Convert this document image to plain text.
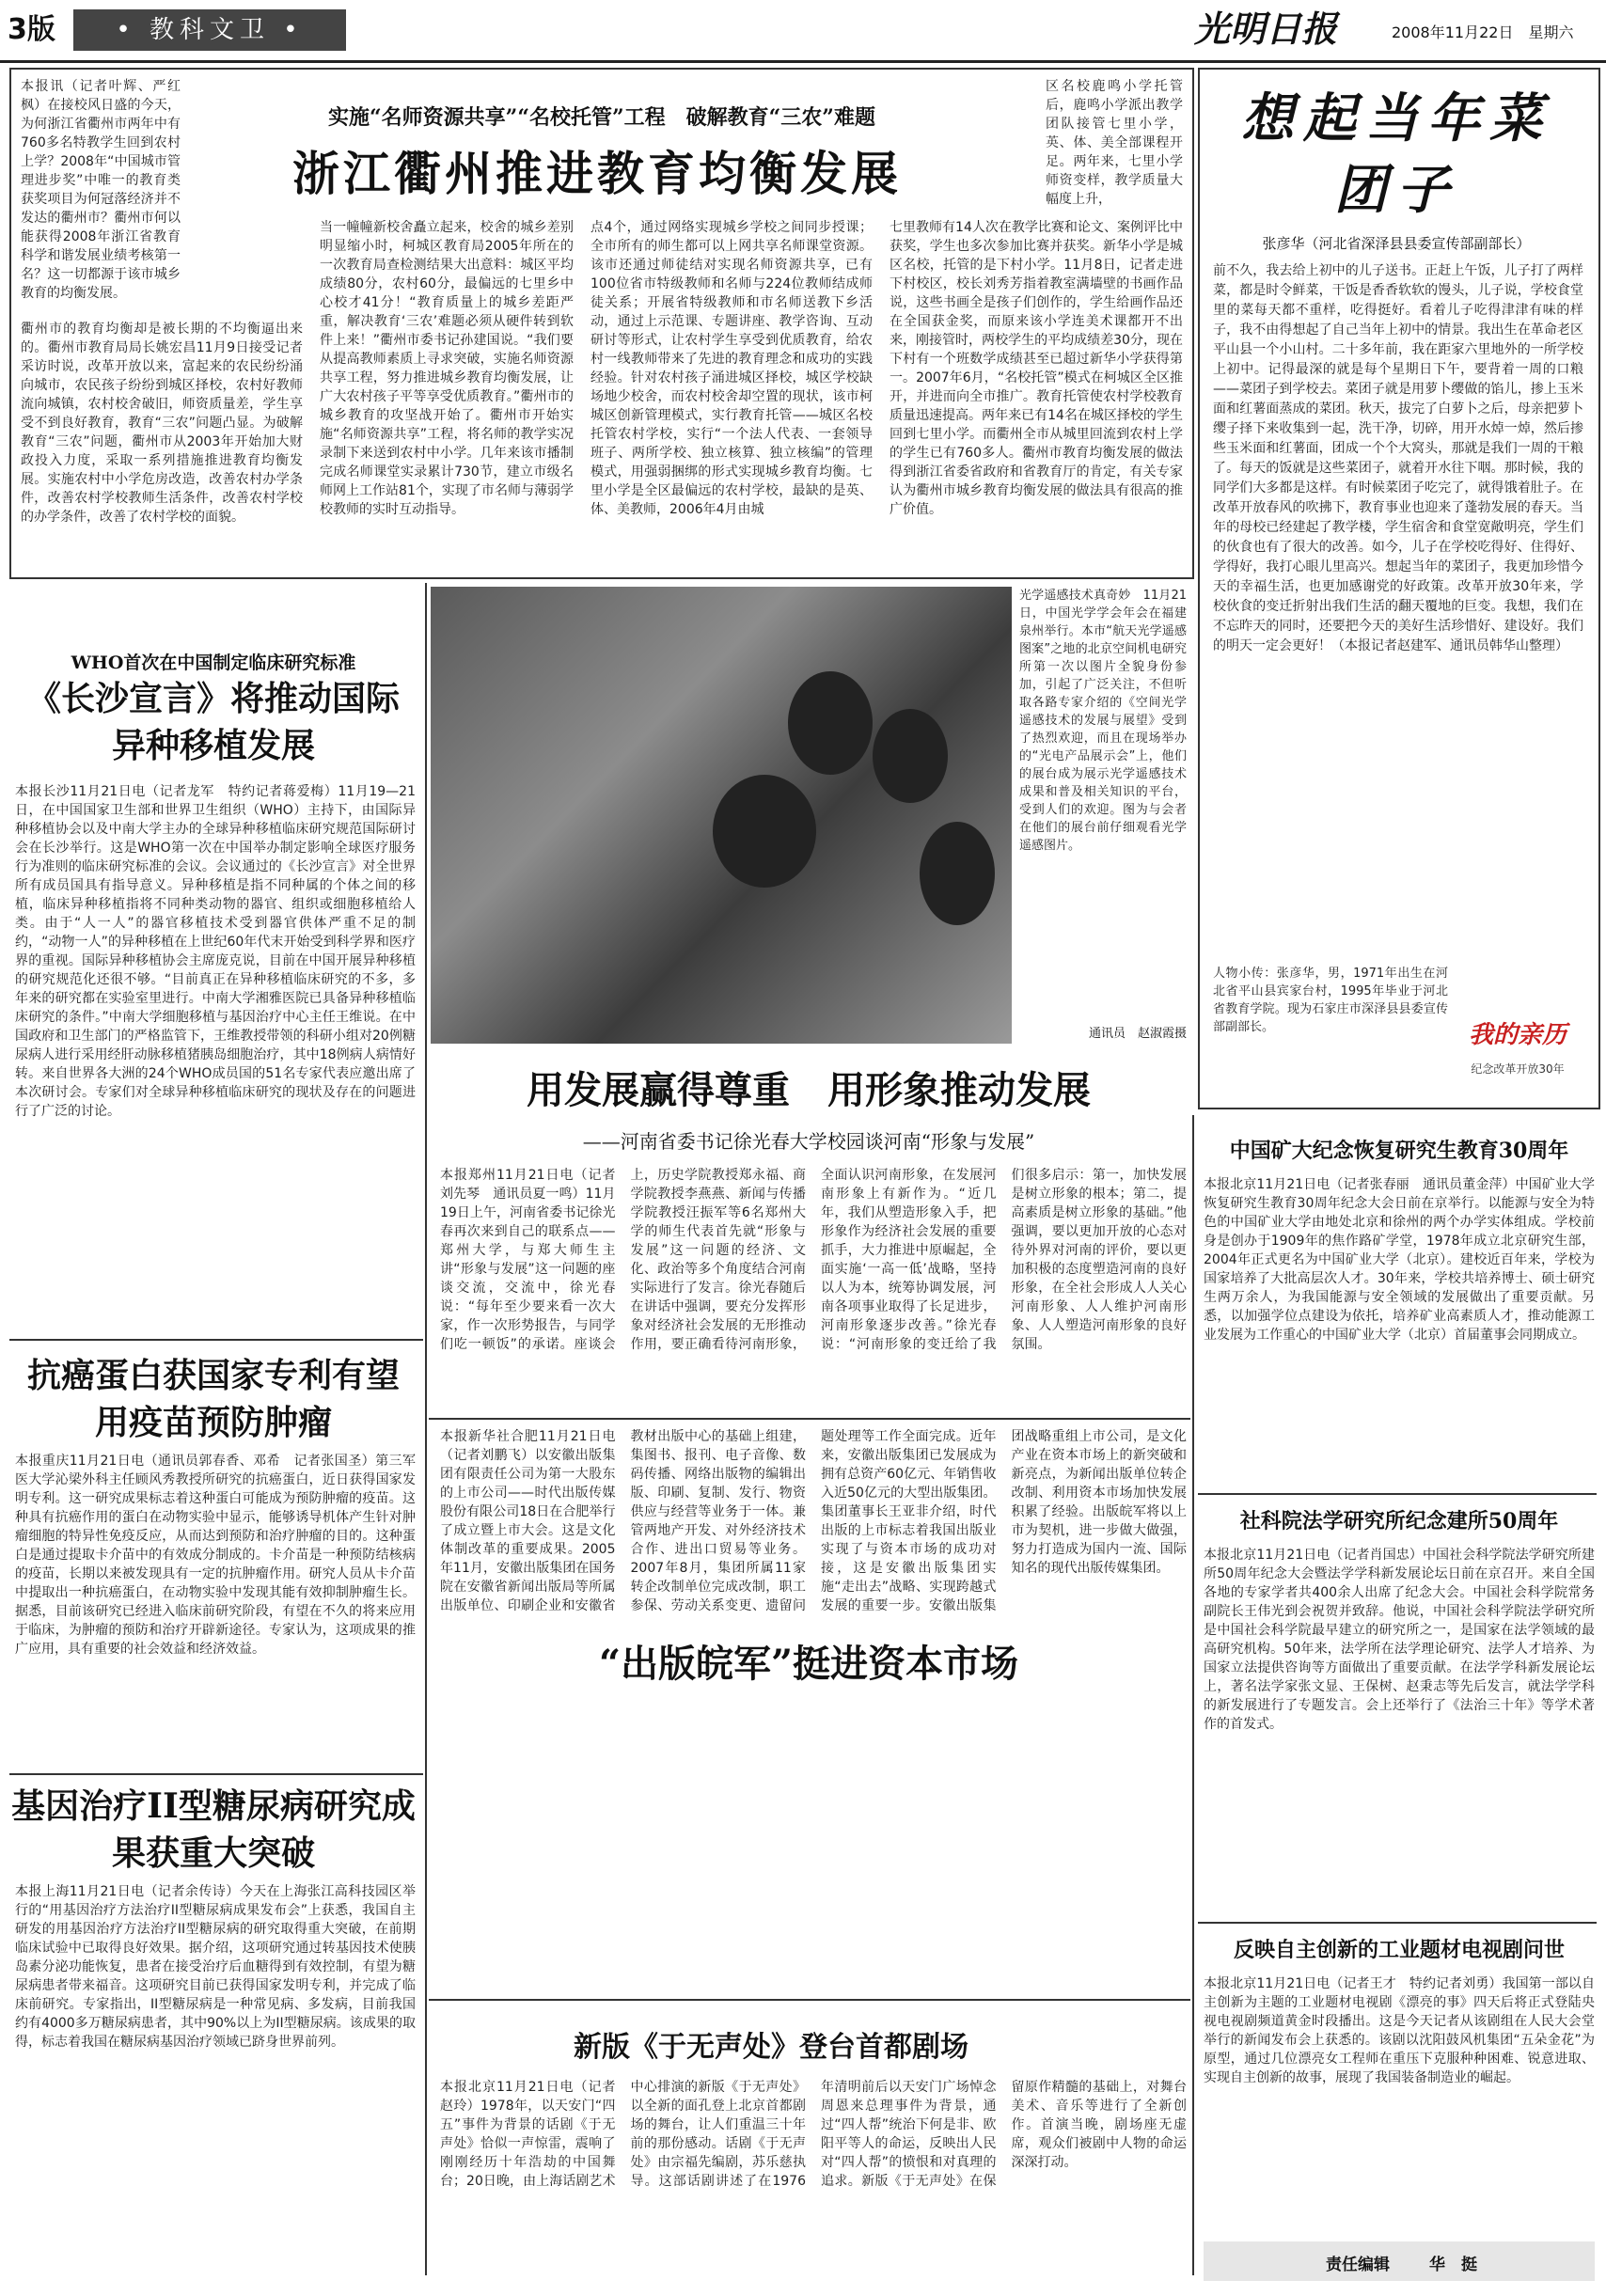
3版	• 教科文卫 •	光明日报	2008年11月22日　星期六
实施“名师资源共享”“名校托管”工程　破解教育“三农”难题
浙江衢州推进教育均衡发展
本报讯（记者叶辉、严红枫）在接校风日盛的今天，为何浙江省衢州市两年中有760多名特教学生回到农村上学？2008年“中国城市管理进步奖”中唯一的教育类获奖项目为何冠落经济并不发达的衢州市？衢州市何以能获得2008年浙江省教育科学和谐发展业绩考核第一名？这一切都源于该市城乡教育的均衡发展。
区名校鹿鸣小学托管后，鹿鸣小学派出教学团队接管七里小学，英、体、美全部课程开足。两年来，七里小学师资变样，教学质量大幅度上升，
衢州市的教育均衡却是被长期的不均衡逼出来的。衢州市教育局局长姚宏昌11月9日接受记者采访时说，改革开放以来，富起来的农民纷纷涌向城市，农民孩子纷纷到城区择校，农村好教师流向城镇，农村校舍破旧，师资质量差，学生享受不到良好教育，教育“三农”问题凸显。为破解教育“三农”问题，衢州市从2003年开始加大财政投入力度，采取一系列措施推进教育均衡发展。实施农村中小学危房改造，改善农村办学条件，改善农村学校教师生活条件，改善农村学校的办学条件，改善了农村学校的面貌。
当一幢幢新校舍矗立起来，校舍的城乡差别明显缩小时，柯城区教育局2005年所在的一次教育局查检测结果大出意料：城区平均成绩80分，农村60分，最偏远的七里乡中心校才41分！“教育质量上的城乡差距严重，解决教育‘三农’难题必须从硬件转到软件上来！”衢州市委书记孙建国说。“我们要从提高教师素质上寻求突破，实施名师资源共享工程，努力推进城乡教育均衡发展，让广大农村孩子平等享受优质教育。”衢州市的城乡教育的攻坚战开始了。衢州市开始实施“名师资源共享”工程，将名师的教学实况录制下来送到农村中小学。几年来该市播制完成名师课堂实录累计730节，建立市级名师网上工作站81个，实现了市名师与薄弱学校教师的实时互动指导。
点4个，通过网络实现城乡学校之间同步授课；全市所有的师生都可以上网共享名师课堂资源。该市还通过师徒结对实现名师资源共享，已有100位省市特级教师和名师与224位教师结成师徒关系；开展省特级教师和市名师送教下乡活动，通过上示范课、专题讲座、教学咨询、互动研讨等形式，让农村学生享受到优质教育，给农村一线教师带来了先进的教育理念和成功的实践经验。针对农村孩子涌进城区择校，城区学校缺场地少校舍，而农村校舍却空置的现状，该市柯城区创新管理模式，实行教育托管——城区名校托管农村学校，实行“一个法人代表、一套领导班子、两所学校、独立核算、独立核编”的管理模式，用强弱捆绑的形式实现城乡教育均衡。七里小学是全区最偏远的农村学校，最缺的是英、体、美教师，2006年4月由城
七里教师有14人次在教学比赛和论文、案例评比中获奖，学生也多次参加比赛并获奖。新华小学是城区名校，托管的是下村小学。11月8日，记者走进下村校区，校长刘秀芳指着教室满墙壁的书画作品说，这些书画全是孩子们创作的，学生给画作品还在全国获金奖，而原来该小学连美术课都开不出来，刚接管时，两校学生的平均成绩差30分，现在下村有一个班数学成绩甚至已超过新华小学获得第一。2007年6月，“名校托管”模式在柯城区全区推开，并进而向全市推广。教育托管使农村学校教育质量迅速提高。两年来已有14名在城区择校的学生回到七里小学。而衢州全市从城里回流到农村上学的学生已有760多人。衢州市教育均衡发展的做法得到浙江省委省政府和省教育厅的肯定，有关专家认为衢州市城乡教育均衡发展的做法具有很高的推广价值。
想起当年菜团子
张彦华（河北省深泽县县委宣传部副部长）
前不久，我去给上初中的儿子送书。正赶上午饭，儿子打了两样菜，都是时令鲜菜，干饭是香香软软的馒头，儿子说，学校食堂里的菜每天都不重样，吃得挺好。看着儿子吃得津津有味的样子，我不由得想起了自己当年上初中的情景。我出生在革命老区平山县一个小山村。二十多年前，我在距家六里地外的一所学校上初中。记得最深的就是每个星期日下午，要背着一周的口粮——菜团子到学校去。菜团子就是用萝卜缨做的馅儿，掺上玉米面和红薯面蒸成的菜团。秋天，拔完了白萝卜之后，母亲把萝卜缨子择下来收集到一起，洗干净，切碎，用开水焯一焯，然后掺些玉米面和红薯面，团成一个个大窝头，那就是我们一周的干粮了。每天的饭就是这些菜团子，就着开水往下咽。那时候，我的同学们大多都是这样。有时候菜团子吃完了，就得饿着肚子。在改革开放春风的吹拂下，教育事业也迎来了蓬勃发展的春天。当年的母校已经建起了教学楼，学生宿舍和食堂宽敞明亮，学生们的伙食也有了很大的改善。如今，儿子在学校吃得好、住得好、学得好，我打心眼儿里高兴。想起当年的菜团子，我更加珍惜今天的幸福生活，也更加感谢党的好政策。改革开放30年来，学校伙食的变迁折射出我们生活的翻天覆地的巨变。我想，我们在不忘昨天的同时，还要把今天的美好生活珍惜好、建设好。我们的明天一定会更好！（本报记者赵建军、通讯员韩华山整理）
人物小传：张彦华，男，1971年出生在河北省平山县宾家台村，1995年毕业于河北省教育学院。现为石家庄市深泽县县委宣传部副部长。	我的亲历
纪念改革开放30年
WHO首次在中国制定临床研究标准
《长沙宣言》将推动国际异种移植发展
本报长沙11月21日电（记者龙军　特约记者蒋爱梅）11月19—21日，在中国国家卫生部和世界卫生组织（WHO）主持下，由国际异种移植协会以及中南大学主办的全球异种移植临床研究规范国际研讨会在长沙举行。这是WHO第一次在中国举办制定影响全球医疗服务行为准则的临床研究标准的会议。会议通过的《长沙宣言》对全世界所有成员国具有指导意义。异种移植是指不同种属的个体之间的移植，临床异种移植指将不同种类动物的器官、组织或细胞移植给人类。由于“人一人”的器官移植技术受到器官供体严重不足的制约，“动物一人”的异种移植在上世纪60年代末开始受到科学界和医疗界的重视。国际异种移植协会主席庞克说，目前在中国开展异种移植的研究规范化还很不够。“目前真正在异种移植临床研究的不多，多年来的研究都在实验室里进行。中南大学湘雅医院已具备异种移植临床研究的条件。”中南大学细胞移植与基因治疗中心主任王维说。在中国政府和卫生部门的严格监管下，王维教授带领的科研小组对20例糖尿病人进行采用经肝动脉移植猪胰岛细胞治疗，其中18例病人病情好转。来自世界各大洲的24个WHO成员国的51名专家代表应邀出席了本次研讨会。专家们对全球异种移植临床研究的现状及存在的问题进行了广泛的讨论。
抗癌蛋白获国家专利有望用疫苗预防肿瘤
本报重庆11月21日电（通讯员郭春香、邓希　记者张国圣）第三军医大学沁梁外科主任顾风秀教授所研究的抗癌蛋白，近日获得国家发明专利。这一研究成果标志着这种蛋白可能成为预防肿瘤的疫苗。这种具有抗癌作用的蛋白在动物实验中显示，能够诱导机体产生针对肿瘤细胞的特异性免疫反应，从而达到预防和治疗肿瘤的目的。这种蛋白是通过提取卡介苗中的有效成分制成的。卡介苗是一种预防结核病的疫苗，长期以来被发现具有一定的抗肿瘤作用。研究人员从卡介苗中提取出一种抗癌蛋白，在动物实验中发现其能有效抑制肿瘤生长。据悉，目前该研究已经进入临床前研究阶段，有望在不久的将来应用于临床，为肿瘤的预防和治疗开辟新途径。专家认为，这项成果的推广应用，具有重要的社会效益和经济效益。
基因治疗II型糖尿病研究成果获重大突破
本报上海11月21日电（记者余传诗）今天在上海张江高科技园区举行的“用基因治疗方法治疗II型糖尿病成果发布会”上获悉，我国自主研发的用基因治疗方法治疗II型糖尿病的研究取得重大突破，在前期临床试验中已取得良好效果。据介绍，这项研究通过转基因技术使胰岛素分泌功能恢复，患者在接受治疗后血糖得到有效控制，有望为糖尿病患者带来福音。这项研究目前已获得国家发明专利，并完成了临床前研究。专家指出，II型糖尿病是一种常见病、多发病，目前我国约有4000多万糖尿病患者，其中90%以上为II型糖尿病。该成果的取得，标志着我国在糖尿病基因治疗领域已跻身世界前列。
光学遥感技术真奇妙　11月21日，中国光学学会年会在福建泉州举行。本市“航天光学遥感图案”之地的北京空间机电研究所第一次以图片全貌身份参加，引起了广泛关注，不但听取各路专家介绍的《空间光学遥感技术的发展与展望》受到了热烈欢迎，而且在现场举办的“光电产品展示会”上，他们的展台成为展示光学遥感技术成果和普及相关知识的平台，受到人们的欢迎。图为与会者在他们的展台前仔细观看光学遥感图片。
通讯员　赵淑霞摄
用发展赢得尊重　用形象推动发展
——河南省委书记徐光春大学校园谈河南“形象与发展”
本报郑州11月21日电（记者刘先琴　通讯员夏一鸣）11月19日上午，河南省委书记徐光春再次来到自己的联系点——郑州大学，与郑大师生主讲“形象与发展”这一问题的座谈交流，交流中，徐光春说：“每年至少要来看一次大家，作一次形势报告，与同学们吃一顿饭”的承诺。座谈会上，历史学院教授郑永福、商学院教授李燕燕、新闻与传播学院教授汪振军等6名郑州大学的师生代表首先就“形象与发展”这一问题的经济、文化、政治等多个角度结合河南实际进行了发言。徐光春随后在讲话中强调，要充分发挥形象对经济社会发展的无形推动作用，要正确看待河南形象，全面认识河南形象，在发展河南形象上有新作为。“近几年，我们从塑造形象入手，把形象作为经济社会发展的重要抓手，大力推进中原崛起，全面实施‘一高一低’战略，坚持以人为本，统筹协调发展，河南各项事业取得了长足进步，河南形象逐步改善。”徐光春说：“河南形象的变迁给了我们很多启示：第一，加快发展是树立形象的根本；第二，提高素质是树立形象的基础。”他强调，要以更加开放的心态对待外界对河南的评价，要以更加积极的态度塑造河南的良好形象，在全社会形成人人关心河南形象、人人维护河南形象、人人塑造河南形象的良好氛围。
本报新华社合肥11月21日电（记者刘鹏飞）以安徽出版集团有限责任公司为第一大股东的上市公司——时代出版传媒股份有限公司18日在合肥举行了成立暨上市大会。这是文化体制改革的重要成果。2005年11月，安徽出版集团在国务院在安徽省新闻出版局等所属出版单位、印刷企业和安徽省教材出版中心的基础上组建，集图书、报刊、电子音像、数码传播、网络出版物的编辑出版、印刷、复制、发行、物资供应与经营等业务于一体。兼管两地产开发、对外经济技术合作、进出口贸易等业务。2007年8月，集团所属11家转企改制单位完成改制，职工参保、劳动关系变更、遗留问题处理等工作全面完成。近年来，安徽出版集团已发展成为拥有总资产60亿元、年销售收入近50亿元的大型出版集团。集团董事长王亚非介绍，时代出版的上市标志着我国出版业实现了与资本市场的成功对接，这是安徽出版集团实施“走出去”战略、实现跨越式发展的重要一步。安徽出版集团战略重组上市公司，是文化产业在资本市场上的新突破和新亮点，为新闻出版单位转企改制、利用资本市场加快发展积累了经验。出版皖军将以上市为契机，进一步做大做强，努力打造成为国内一流、国际知名的现代出版传媒集团。
“出版皖军”挺进资本市场
新版《于无声处》登台首都剧场
本报北京11月21日电（记者赵玲）1978年，以天安门“四五”事件为背景的话剧《于无声处》恰似一声惊雷，震响了刚刚经历十年浩劫的中国舞台；20日晚，由上海话剧艺术中心排演的新版《于无声处》以全新的面孔登上北京首都剧场的舞台，让人们重温三十年前的那份感动。话剧《于无声处》由宗福先编剧，苏乐慈执导。这部话剧讲述了在1976年清明前后以天安门广场悼念周恩来总理事件为背景，通过“四人帮”统治下何是非、欧阳平等人的命运，反映出人民对“四人帮”的愤恨和对真理的追求。新版《于无声处》在保留原作精髓的基础上，对舞台美术、音乐等进行了全新创作。首演当晚，剧场座无虚席，观众们被剧中人物的命运深深打动。
中国矿大纪念恢复研究生教育30周年
本报北京11月21日电（记者张春丽　通讯员董金萍）中国矿业大学恢复研究生教育30周年纪念大会日前在京举行。以能源与安全为特色的中国矿业大学由地处北京和徐州的两个办学实体组成。学校前身是创办于1909年的焦作路矿学堂，1978年成立北京研究生部，2004年正式更名为中国矿业大学（北京）。建校近百年来，学校为国家培养了大批高层次人才。30年来，学校共培养博士、硕士研究生两万余人，为我国能源与安全领域的发展做出了重要贡献。另悉，以加强学位点建设为依托，培养矿业高素质人才，推动能源工业发展为工作重心的中国矿业大学（北京）首届董事会同期成立。
社科院法学研究所纪念建所50周年
本报北京11月21日电（记者肖国忠）中国社会科学院法学研究所建所50周年纪念大会暨法学学科新发展论坛日前在京召开。来自全国各地的专家学者共400余人出席了纪念大会。中国社会科学院常务副院长王伟光到会祝贺并致辞。他说，中国社会科学院法学研究所是中国社会科学院最早建立的研究所之一，是国家在法学领域的最高研究机构。50年来，法学所在法学理论研究、法学人才培养、为国家立法提供咨询等方面做出了重要贡献。在法学学科新发展论坛上，著名法学家张文显、王保树、赵秉志等先后发言，就法学学科的新发展进行了专题发言。会上还举行了《法治三十年》等学术著作的首发式。
反映自主创新的工业题材电视剧问世
本报北京11月21日电（记者王才　特约记者刘勇）我国第一部以自主创新为主题的工业题材电视剧《漂亮的事》四天后将正式登陆央视电视剧频道黄金时段播出。这是今天记者从该剧组在人民大会堂举行的新闻发布会上获悉的。该剧以沈阳鼓风机集团“五朵金花”为原型，通过几位漂亮女工程师在重压下克服种种困难、锐意进取、实现自主创新的故事，展现了我国装备制造业的崛起。
责任编辑	华　挺
